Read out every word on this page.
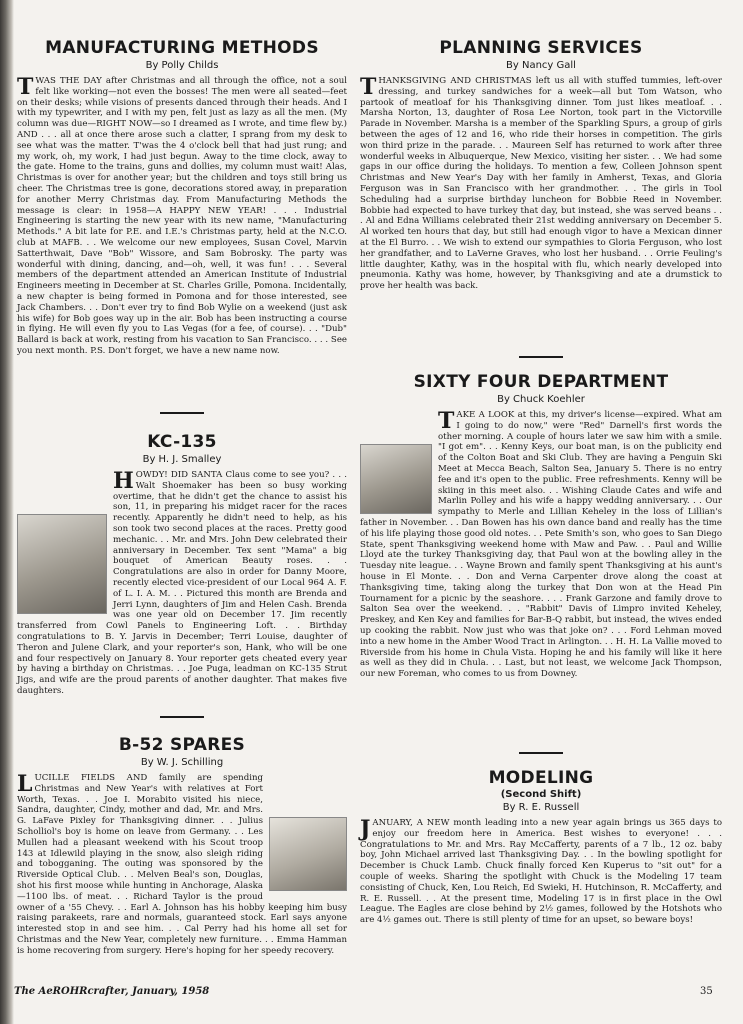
MANUFACTURING METHODS
By Polly Childs

TWAS THE DAY after Christmas and all through the office, not a soul felt like working—not even the bosses! The men were all seated—feet on their desks; while visions of presents danced through their heads. And I with my typewriter, and I with my pen, felt just as lazy as all the men. (My column was due—RIGHT NOW—so I dreamed as I wrote, and time flew by.) AND . . . all at once there arose such a clatter, I sprang from my desk to see what was the matter. T'was the 4 o'clock bell that had just rung; and my work, oh, my work, I had just begun. Away to the time clock, away to the gate. Home to the trains, guns and dollies, my column must wait! Alas, Christmas is over for another year; but the children and toys still bring us cheer. The Christmas tree is gone, decorations stored away, in preparation for another Merry Christmas day. From Manufacturing Methods the message is clear: in 1958—A HAPPY NEW YEAR! . . . Industrial Engineering is starting the new year with its new name, "Manufacturing Methods." A bit late for P.E. and I.E.'s Christmas party, held at the N.C.O. club at MAFB. . . We welcome our new employees, Susan Covel, Marvin Satterthwait, Dave "Bob" Wissore, and Sam Bobrosky. The party was wonderful with dining, dancing, and—oh, well, it was fun! . . . Several members of the department attended an American Institute of Industrial Engineers meeting in December at St. Charles Grille, Pomona. Incidentally, a new chapter is being formed in Pomona and for those interested, see Jack Chambers. . . Don't ever try to find Bob Wylie on a weekend (just ask his wife) for Bob goes way up in the air. Bob has been instructing a course in flying. He will even fly you to Las Vegas (for a fee, of course). . . "Dub" Ballard is back at work, resting from his vacation to San Francisco. . . . See you next month. P.S. Don't forget, we have a new name now.

KC-135
By H. J. Smalley

HOWDY! DID SANTA Claus come to see you? . . . Walt Shoemaker has been so busy working overtime, that he didn't get the chance to assist his son, 11, in preparing his midget racer for the races recently. Apparently he didn't need to help, as his son took two second places at the races. Pretty good mechanic. . . Mr. and Mrs. John Dew celebrated their anniversary in December. Tex sent "Mama" a big bouquet of American Beauty roses. . . Congratulations are also in order for Danny Moore, recently elected vice-president of our Local 964 A. F. of L. I. A. M. . . Pictured this month are Brenda and Jerri Lynn, daughters of Jim and Helen Cash. Brenda was one year old on December 17. Jim recently transferred from Cowl Panels to Engineering Loft. . . Birthday congratulations to B. Y. Jarvis in December; Terri Louise, daughter of Theron and Julene Clark, and your reporter's son, Hank, who will be one and four respectively on January 8. Your reporter gets cheated every year by having a birthday on Christmas. . . Joe Puga, leadman on KC-135 Strut Jigs, and wife are the proud parents of another daughter. That makes five daughters.

B-52 SPARES
By W. J. Schilling

LUCILLE FIELDS AND family are spending Christmas and New Year's with relatives at Fort Worth, Texas. . . Joe I. Morabito visited his niece, Sandra, daughter, Cindy, mother and dad, Mr. and Mrs. G. LaFave Pixley for Thanksgiving dinner. . . Julius Scholliol's boy is home on leave from Germany. . . Les Mullen had a pleasant weekend with his Scout troop 143 at Idlewild playing in the snow, also sleigh riding and tobogganing. The outing was sponsored by the Riverside Optical Club. . . Melven Beal's son, Douglas, shot his first moose while hunting in Anchorage, Alaska—1100 lbs. of meat. . . Richard Taylor is the proud owner of a '55 Chevy. . . Earl A. Johnson has his hobby keeping him busy raising parakeets, rare and normals, guaranteed stock. Earl says anyone interested stop in and see him. . . Cal Perry had his home all set for Christmas and the New Year, completely new furniture. . . Emma Hamman is home recovering from surgery. Here's hoping for her speedy recovery.

PLANNING SERVICES
By Nancy Gall

THANKSGIVING AND CHRISTMAS left us all with stuffed tummies, left-over dressing, and turkey sandwiches for a week—all but Tom Watson, who partook of meatloaf for his Thanksgiving dinner. Tom just likes meatloaf. . . Marsha Norton, 13, daughter of Rosa Lee Norton, took part in the Victorville Parade in November. Marsha is a member of the Sparkling Spurs, a group of girls between the ages of 12 and 16, who ride their horses in competition. The girls won third prize in the parade. . . Maureen Self has returned to work after three wonderful weeks in Albuquerque, New Mexico, visiting her sister. . . We had some gaps in our office during the holidays. To mention a few, Colleen Johnson spent Christmas and New Year's Day with her family in Amherst, Texas, and Gloria Ferguson was in San Francisco with her grandmother. . . The girls in Tool Scheduling had a surprise birthday luncheon for Bobbie Reed in November. Bobbie had expected to have turkey that day, but instead, she was served beans . . . Al and Edna Williams celebrated their 21st wedding anniversary on December 5. Al worked ten hours that day, but still had enough vigor to have a Mexican dinner at the El Burro. . . We wish to extend our sympathies to Gloria Ferguson, who lost her grandfather, and to LaVerne Graves, who lost her husband. . . Orrie Feuling's little daughter, Kathy, was in the hospital with flu, which nearly developed into pneumonia. Kathy was home, however, by Thanksgiving and ate a drumstick to prove her health was back.

SIXTY FOUR DEPARTMENT
By Chuck Koehler

TAKE A LOOK at this, my driver's license—expired. What am I going to do now," were "Red" Darnell's first words the other morning. A couple of hours later we saw him with a smile. "I got em". . . Kenny Keys, our boat man, is on the publicity end of the Colton Boat and Ski Club. They are having a Penguin Ski Meet at Mecca Beach, Salton Sea, January 5. There is no entry fee and it's open to the public. Free refreshments. Kenny will be skiing in this meet also. . . Wishing Claude Cates and wife and Marlin Polley and his wife a happy wedding anniversary. . . Our sympathy to Merle and Lillian Keheley in the loss of Lillian's father in November. . . Dan Bowen has his own dance band and really has the time of his life playing those good old notes. . . Pete Smith's son, who goes to San Diego State, spent Thanksgiving weekend home with Maw and Paw. . . Paul and Willie Lloyd ate the turkey Thanksgiving day, that Paul won at the bowling alley in the Tuesday nite league. . . Wayne Brown and family spent Thanksgiving at his aunt's house in El Monte. . . Don and Verna Carpenter drove along the coast at Thanksgiving time, taking along the turkey that Don won at the Head Pin Tournament for a picnic by the seashore. . . . Frank Garzone and family drove to Salton Sea over the weekend. . . "Rabbit" Davis of Limpro invited Keheley, Preskey, and Ken Key and families for Bar-B-Q rabbit, but instead, the wives ended up cooking the rabbit. Now just who was that joke on? . . . Ford Lehman moved into a new home in the Amber Wood Tract in Arlington. . . H. H. La Vallie moved to Riverside from his home in Chula Vista. Hoping he and his family will like it here as well as they did in Chula. . . Last, but not least, we welcome Jack Thompson, our new Foreman, who comes to us from Downey.

MODELING
(Second Shift)
By R. E. Russell

JANUARY, A NEW month leading into a new year again brings us 365 days to enjoy our freedom here in America. Best wishes to everyone! . . . Congratulations to Mr. and Mrs. Ray McCafferty, parents of a 7 lb., 12 oz. baby boy, John Michael arrived last Thanksgiving Day. . . In the bowling spotlight for December is Chuck Lamb. Chuck finally forced Ken Kuperus to "sit out" for a couple of weeks. Sharing the spotlight with Chuck is the Modeling 17 team consisting of Chuck, Ken, Lou Reich, Ed Swieki, H. Hutchinson, R. McCafferty, and R. E. Russell. . . At the present time, Modeling 17 is in first place in the Owl League. The Eagles are close behind by 2½ games, followed by the Hotshots who are 4½ games out. There is still plenty of time for an upset, so beware boys!

The AeROHRcrafter, January, 1958	35
